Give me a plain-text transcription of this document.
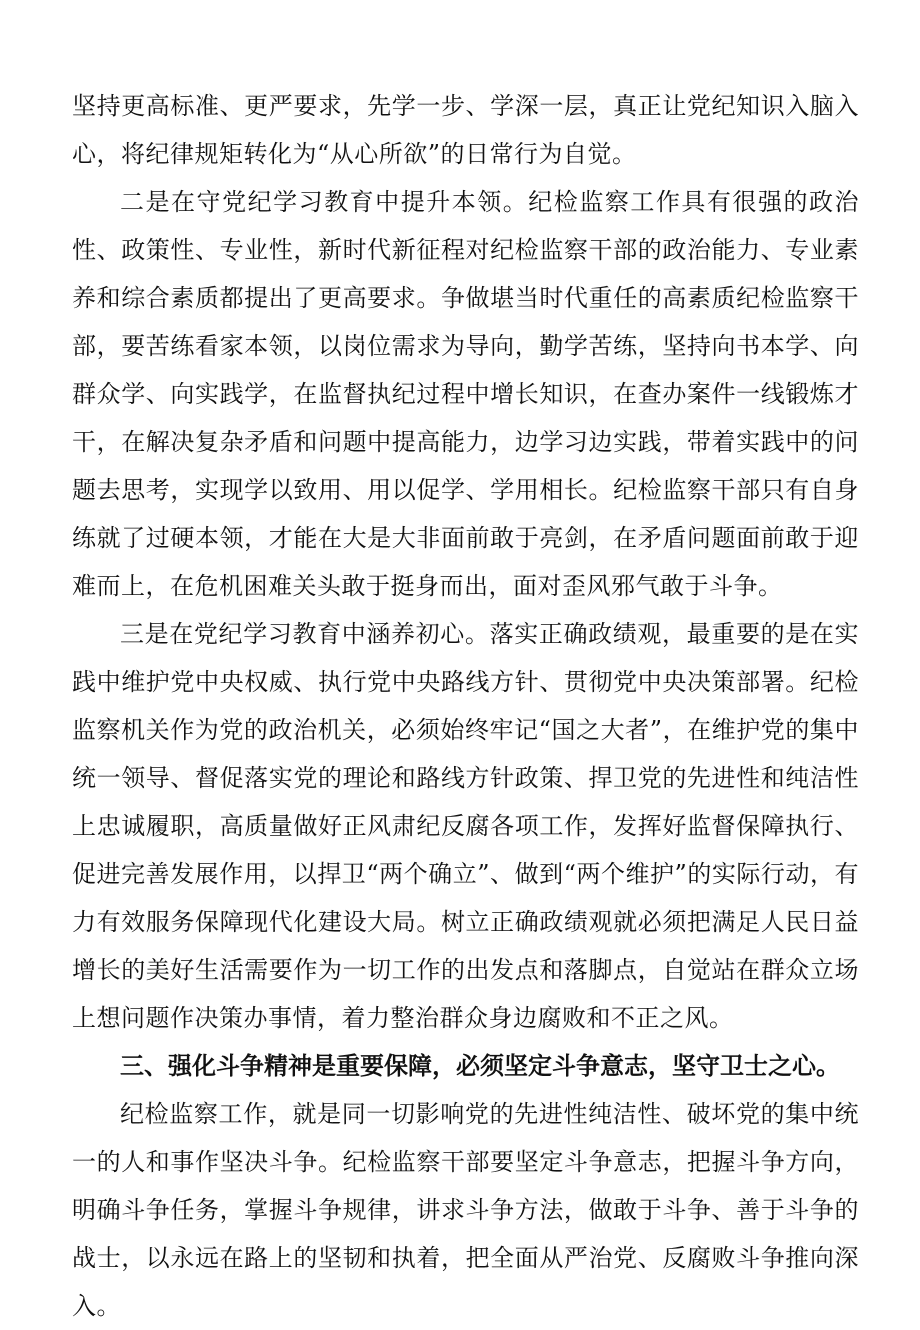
坚持更高标准、更严要求，先学一步、学深一层，真正让党纪知识入脑入心，将纪律规矩转化为“从心所欲”的日常行为自觉。

二是在守党纪学习教育中提升本领。纪检监察工作具有很强的政治性、政策性、专业性，新时代新征程对纪检监察干部的政治能力、专业素养和综合素质都提出了更高要求。争做堪当时代重任的高素质纪检监察干部，要苦练看家本领，以岗位需求为导向，勤学苦练，坚持向书本学、向群众学、向实践学，在监督执纪过程中增长知识，在查办案件一线锻炼才干，在解决复杂矛盾和问题中提高能力，边学习边实践，带着实践中的问题去思考，实现学以致用、用以促学、学用相长。纪检监察干部只有自身练就了过硬本领，才能在大是大非面前敢于亮剑，在矛盾问题面前敢于迎难而上，在危机困难关头敢于挺身而出，面对歪风邪气敢于斗争。

三是在党纪学习教育中涵养初心。落实正确政绩观，最重要的是在实践中维护党中央权威、执行党中央路线方针、贯彻党中央决策部署。纪检监察机关作为党的政治机关，必须始终牢记“国之大者”，在维护党的集中统一领导、督促落实党的理论和路线方针政策、捍卫党的先进性和纯洁性上忠诚履职，高质量做好正风肃纪反腐各项工作，发挥好监督保障执行、促进完善发展作用，以捍卫“两个确立”、做到“两个维护”的实际行动，有力有效服务保障现代化建设大局。树立正确政绩观就必须把满足人民日益增长的美好生活需要作为一切工作的出发点和落脚点，自觉站在群众立场上想问题作决策办事情，着力整治群众身边腐败和不正之风。

三、强化斗争精神是重要保障，必须坚定斗争意志，坚守卫士之心。

纪检监察工作，就是同一切影响党的先进性纯洁性、破坏党的集中统一的人和事作坚决斗争。纪检监察干部要坚定斗争意志，把握斗争方向，明确斗争任务，掌握斗争规律，讲求斗争方法，做敢于斗争、善于斗争的战士，以永远在路上的坚韧和执着，把全面从严治党、反腐败斗争推向深入。
